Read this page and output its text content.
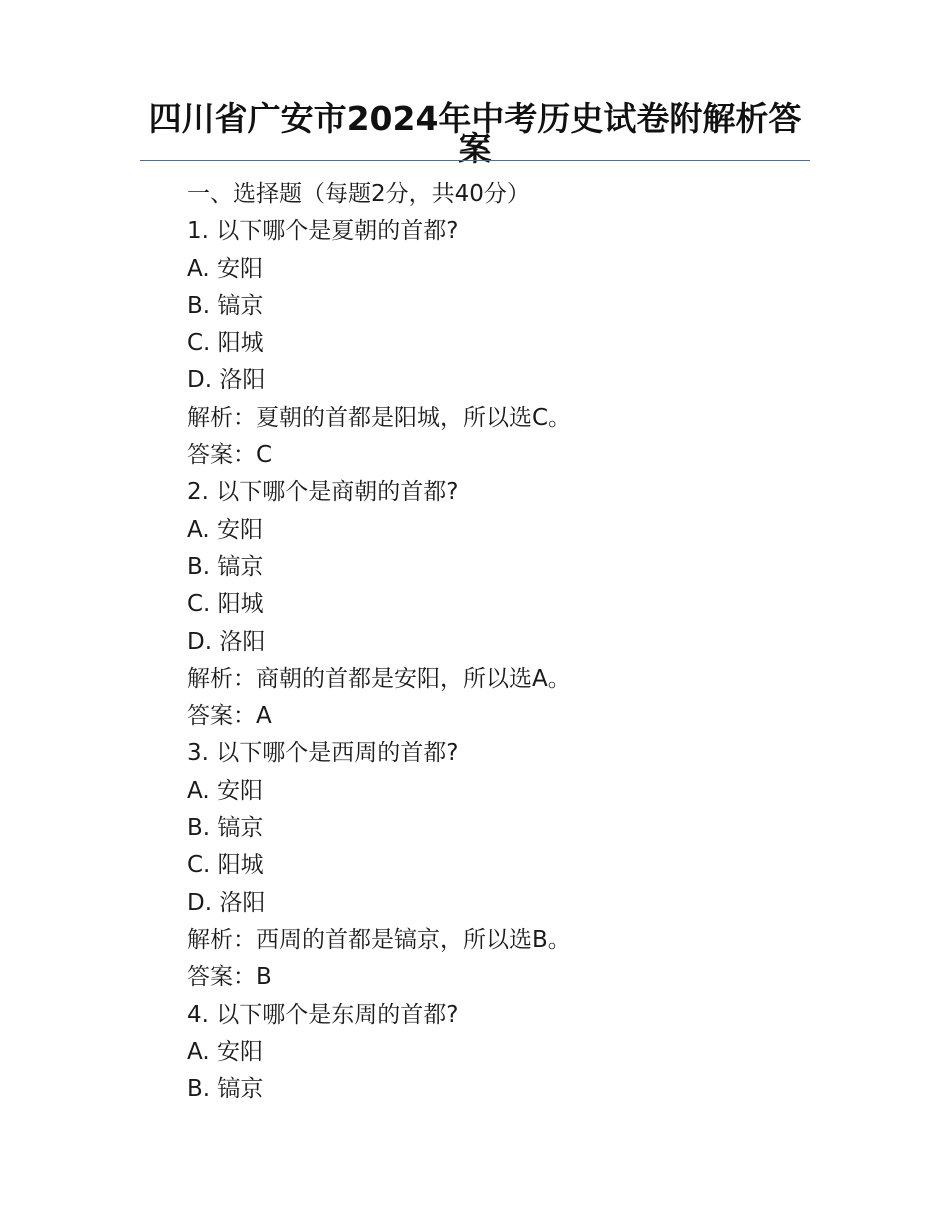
四川省广安市2024年中考历史试卷附解析答案
一、选择题（每题2分，共40分）
1. 以下哪个是夏朝的首都?
A. 安阳
B. 镐京
C. 阳城
D. 洛阳
解析：夏朝的首都是阳城，所以选C。
答案：C
2. 以下哪个是商朝的首都?
A. 安阳
B. 镐京
C. 阳城
D. 洛阳
解析：商朝的首都是安阳，所以选A。
答案：A
3. 以下哪个是西周的首都?
A. 安阳
B. 镐京
C. 阳城
D. 洛阳
解析：西周的首都是镐京，所以选B。
答案：B
4. 以下哪个是东周的首都?
A. 安阳
B. 镐京
